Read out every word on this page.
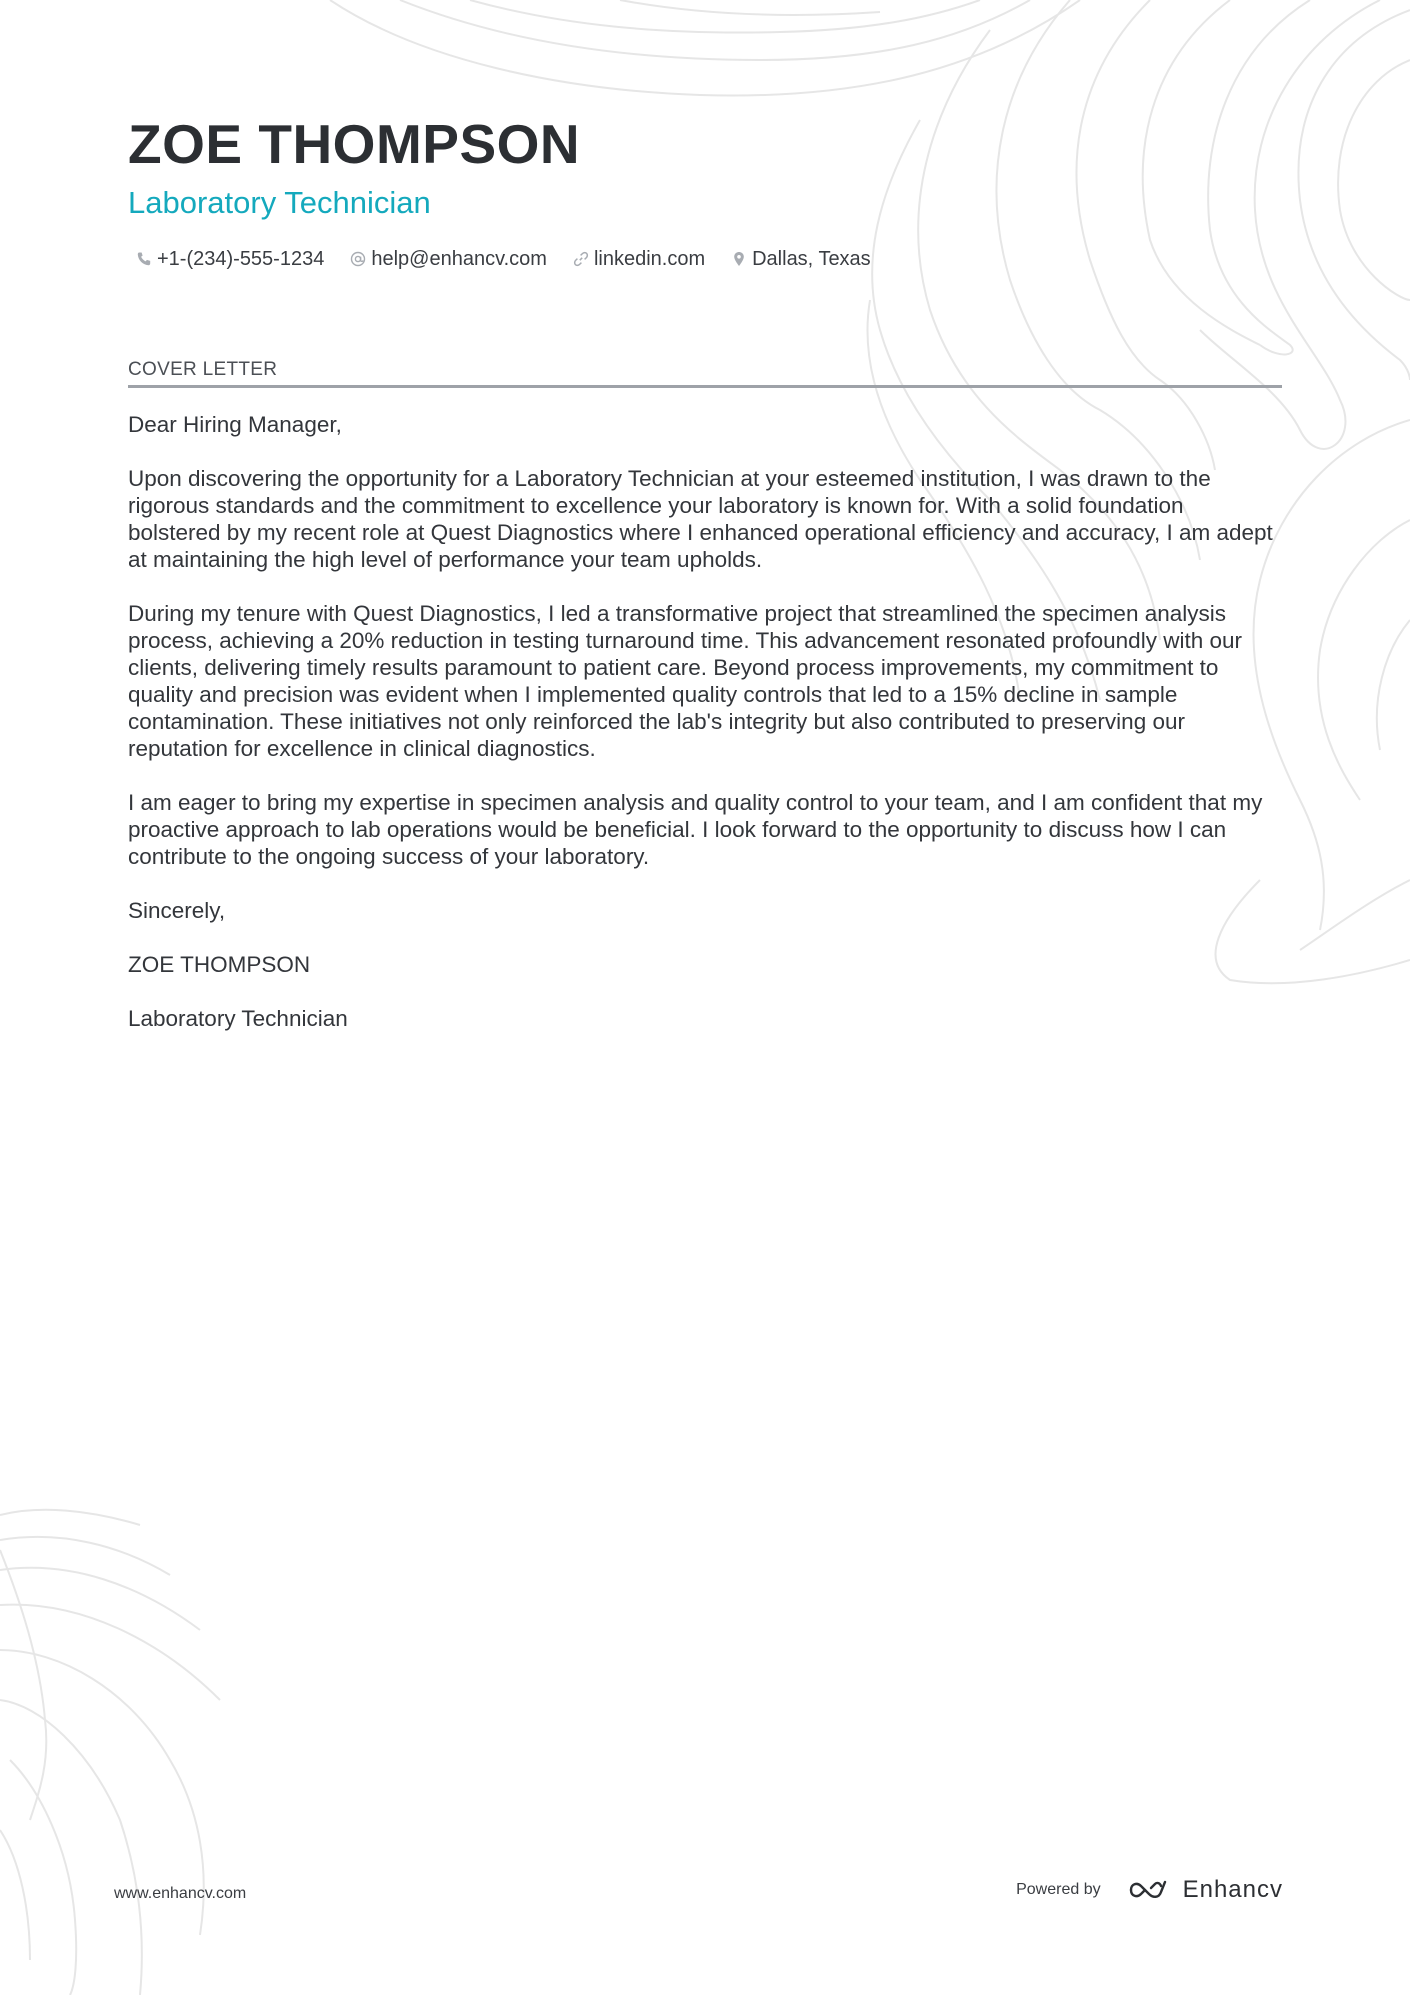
ZOE THOMPSON
Laboratory Technician
+1-(234)-555-1234 help@enhancv.com linkedin.com Dallas, Texas
COVER LETTER

Dear Hiring Manager,

Upon discovering the opportunity for a Laboratory Technician at your esteemed institution, I was drawn to the rigorous standards and the commitment to excellence your laboratory is known for. With a solid foundation bolstered by my recent role at Quest Diagnostics where I enhanced operational efficiency and accuracy, I am adept at maintaining the high level of performance your team upholds.

During my tenure with Quest Diagnostics, I led a transformative project that streamlined the specimen analysis process, achieving a 20% reduction in testing turnaround time. This advancement resonated profoundly with our clients, delivering timely results paramount to patient care. Beyond process improvements, my commitment to quality and precision was evident when I implemented quality controls that led to a 15% decline in sample contamination. These initiatives not only reinforced the lab's integrity but also contributed to preserving our reputation for excellence in clinical diagnostics.

I am eager to bring my expertise in specimen analysis and quality control to your team, and I am confident that my proactive approach to lab operations would be beneficial. I look forward to the opportunity to discuss how I can contribute to the ongoing success of your laboratory.

Sincerely,

ZOE THOMPSON

Laboratory Technician

www.enhancv.com	Powered by	Enhancv
